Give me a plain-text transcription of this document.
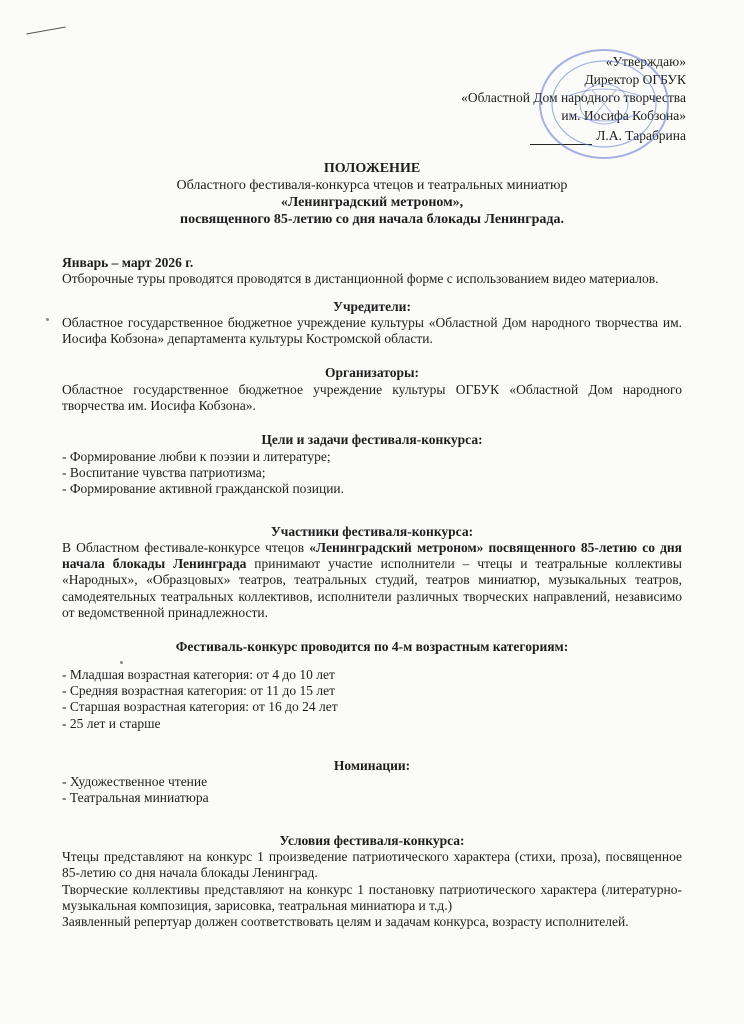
«Утверждаю»
Директор ОГБУК
«Областной Дом народного творчества
им. Иосифа Кобзона»
Л.А. Тарабрина
ПОЛОЖЕНИЕ
Областного фестиваля-конкурса чтецов и театральных миниатюр
«Ленинградский метроном»,
посвященного 85-летию со дня начала блокады Ленинграда.

Январь – март 2026 г.

Отборочные туры проводятся проводятся в дистанционной форме с использованием видео материалов.

Учредители:

Областное государственное бюджетное учреждение культуры «Областной Дом народного творчества им. Иосифа Кобзона» департамента культуры Костромской области.

Организаторы:

Областное государственное бюджетное учреждение культуры ОГБУК «Областной Дом народного творчества им. Иосифа Кобзона».

Цели и задачи фестиваля-конкурса:

- Формирование любви к поэзии и литературе;
- Воспитание чувства патриотизма;
- Формирование активной гражданской позиции.

Участники фестиваля-конкурса:

В Областном фестивале-конкурсе чтецов «Ленинградский метроном» посвященного 85-летию со дня начала блокады Ленинграда принимают участие исполнители – чтецы и театральные коллективы «Народных», «Образцовых» театров, театральных студий, театров миниатюр, музыкальных театров, самодеятельных театральных коллективов, исполнители различных творческих направлений, независимо от ведомственной принадлежности.

Фестиваль-конкурс проводится по 4-м возрастным категориям:

- Младшая возрастная категория: от 4 до 10 лет
- Средняя возрастная категория: от 11 до 15 лет
- Старшая возрастная категория: от 16 до 24 лет
- 25 лет и старше

Номинации:

- Художественное чтение
- Театральная миниатюра

Условия фестиваля-конкурса:

Чтецы представляют на конкурс 1 произведение патриотического характера (стихи, проза), посвященное 85-летию со дня начала блокады Ленинград.

Творческие коллективы представляют на конкурс 1 постановку патриотического характера (литературно-музыкальная композиция, зарисовка, театральная миниатюра и т.д.)

Заявленный репертуар должен соответствовать целям и задачам конкурса, возрасту исполнителей.
